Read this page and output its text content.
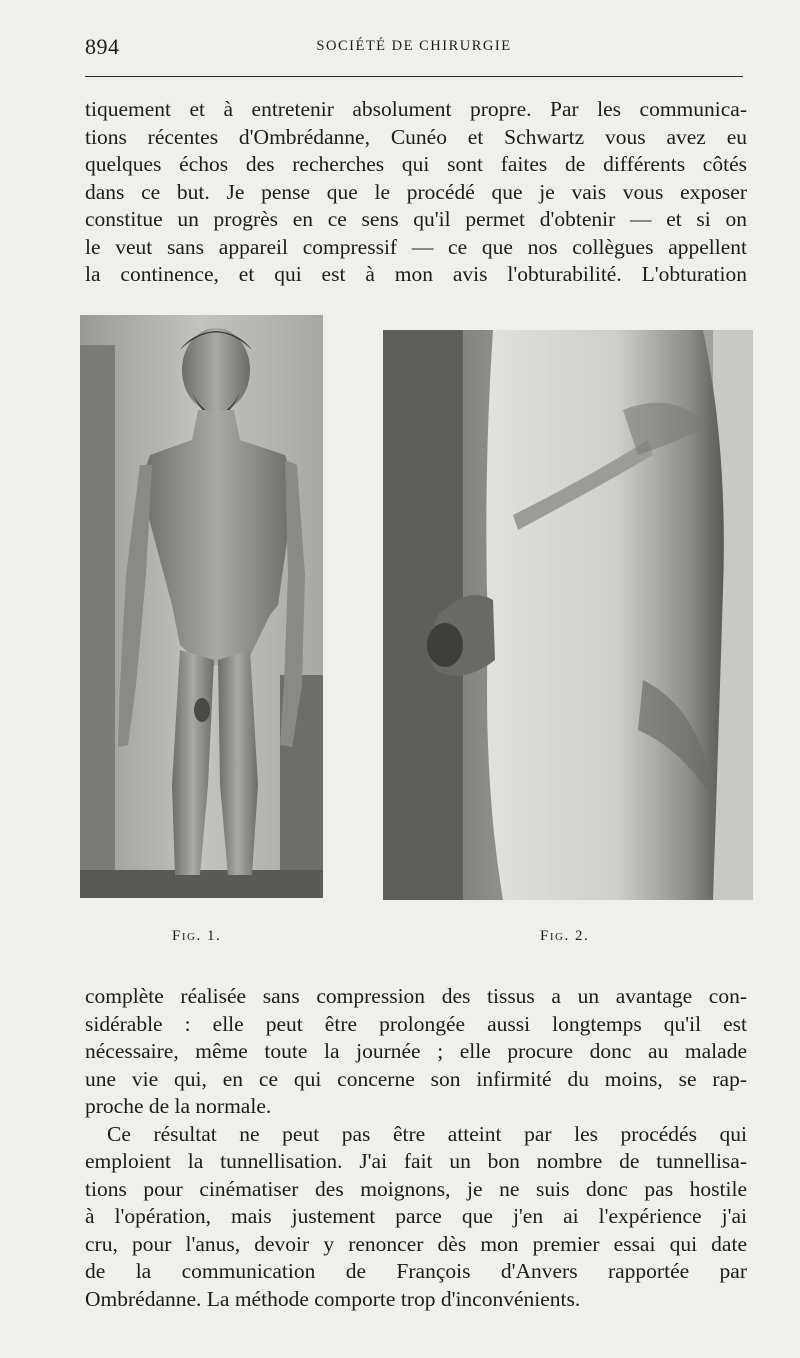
894	SOCIÉTÉ DE CHIRURGIE
tiquement et à entretenir absolument propre. Par les communica-
tions récentes d'Ombrédanne, Cunéo et Schwartz vous avez eu
quelques échos des recherches qui sont faites de différents côtés
dans ce but. Je pense que le procédé que je vais vous exposer
constitue un progrès en ce sens qu'il permet d'obtenir — et si on
le veut sans appareil compressif — ce que nos collègues appellent
la continence, et qui est à mon avis l'obturabilité. L'obturation
Fig. 1.	Fig. 2.
complète réalisée sans compression des tissus a un avantage con-
sidérable : elle peut être prolongée aussi longtemps qu'il est
nécessaire, même toute la journée ; elle procure donc au malade
une vie qui, en ce qui concerne son infirmité du moins, se rap-
proche de la normale.
Ce résultat ne peut pas être atteint par les procédés qui
emploient la tunnellisation. J'ai fait un bon nombre de tunnellisa-
tions pour cinématiser des moignons, je ne suis donc pas hostile
à l'opération, mais justement parce que j'en ai l'expérience j'ai
cru, pour l'anus, devoir y renoncer dès mon premier essai qui date
de la communication de François d'Anvers rapportée par
Ombrédanne. La méthode comporte trop d'inconvénients.
